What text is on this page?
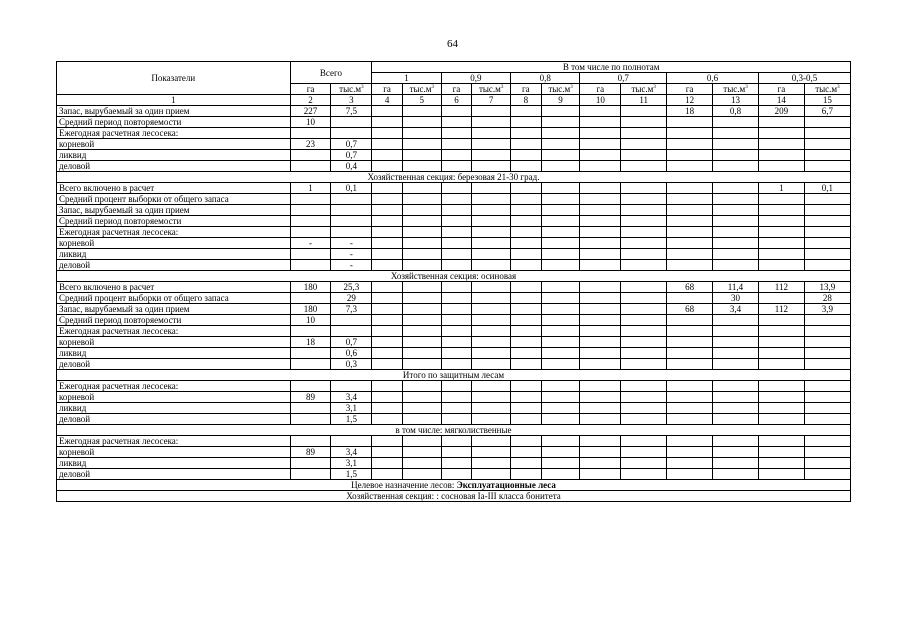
64
Показатели	Всего		В том числе по полнотам											
			1		0,9		0,8		0,7		0,6		0,3-0,5	
	га	$тыс.м^3$	га	$тыс.м^3$	га	$тыс.м^3$	га	$тыс.м^3$	га	$тыс.м^3$	га	$тыс.м^3$	га	$тыс.м^3$
1	2	3	4	5	6	7	8	9	10	11	12	13	14	15
Запас, вырубаемый за один прием	227	7,5									18	0,8	209	6,7
Средний период повторяемости	10													
Ежегодная расчетная лесосека:														
корневой	23	0,7												
ликвид		0,7												
деловой		0,4												
Хозяйственная секция: березовая 21-30 град.														
Всего включено в расчет	1	0,1											1	0,1
Средний процент выборки от общего запаса														
Запас, вырубаемый за один прием														
Средний период повторяемости														
Ежегодная расчетная лесосека:														
корневой	-	-												
ликвид		-												
деловой		-												
Хозяйственная секция: осиновая														
Всего включено в расчет	180	25,3									68	11,4	112	13,9
Средний процент выборки от общего запаса		29										30		28
Запас, вырубаемый за один прием	180	7,3									68	3,4	112	3,9
Средний период повторяемости	10													
Ежегодная расчетная лесосека:														
корневой	18	0,7												
ликвид		0,6												
деловой		0,3												
Итого по защитным лесам														
Ежегодная расчетная лесосека:														
корневой	89	3,4												
ликвид		3,1												
деловой		1,5												
в том числе: мягколиственные														
Ежегодная расчетная лесосека:														
корневой	89	3,4												
ликвид		3,1												
деловой		1,5												
Целевое назначение лесов: Эксплуатационные леса														
Хозяйственная секция: : сосновая Iа-III класса бонитета														
